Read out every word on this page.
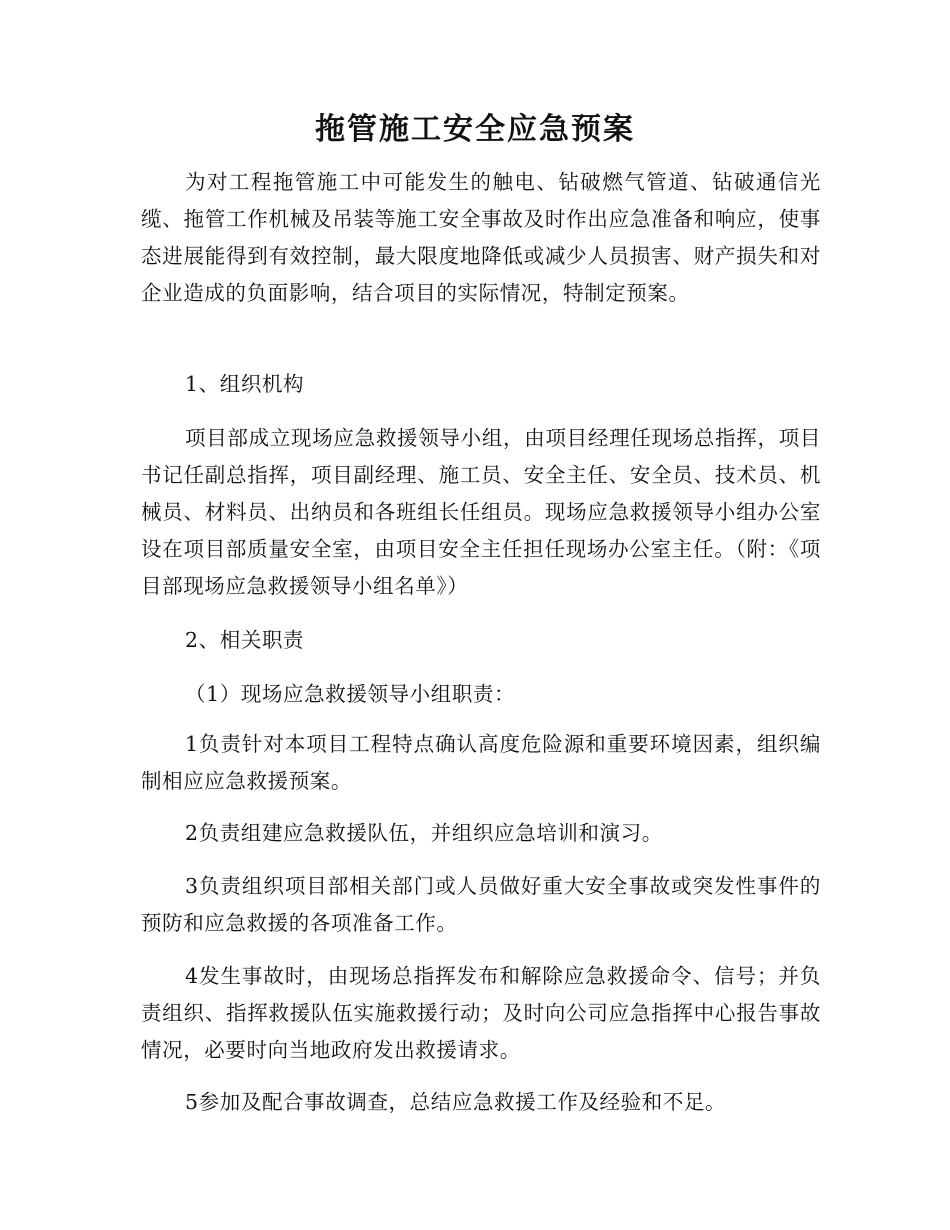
拖管施工安全应急预案

为对工程拖管施工中可能发生的触电、钻破燃气管道、钻破通信光缆、拖管工作机械及吊装等施工安全事故及时作出应急准备和响应，使事态进展能得到有效控制，最大限度地降低或减少人员损害、财产损失和对企业造成的负面影响，结合项目的实际情况，特制定预案。

1、组织机构

项目部成立现场应急救援领导小组，由项目经理任现场总指挥，项目书记任副总指挥，项目副经理、施工员、安全主任、安全员、技术员、机械员、材料员、出纳员和各班组长任组员。现场应急救援领导小组办公室设在项目部质量安全室，由项目安全主任担任现场办公室主任。（附：《项目部现场应急救援领导小组名单》）

2、相关职责

（1）现场应急救援领导小组职责：

1负责针对本项目工程特点确认高度危险源和重要环境因素，组织编制相应应急救援预案。

2负责组建应急救援队伍，并组织应急培训和演习。

3负责组织项目部相关部门或人员做好重大安全事故或突发性事件的预防和应急救援的各项准备工作。

4发生事故时，由现场总指挥发布和解除应急救援命令、信号；并负责组织、指挥救援队伍实施救援行动；及时向公司应急指挥中心报告事故情况，必要时向当地政府发出救援请求。

5参加及配合事故调查，总结应急救援工作及经验和不足。
